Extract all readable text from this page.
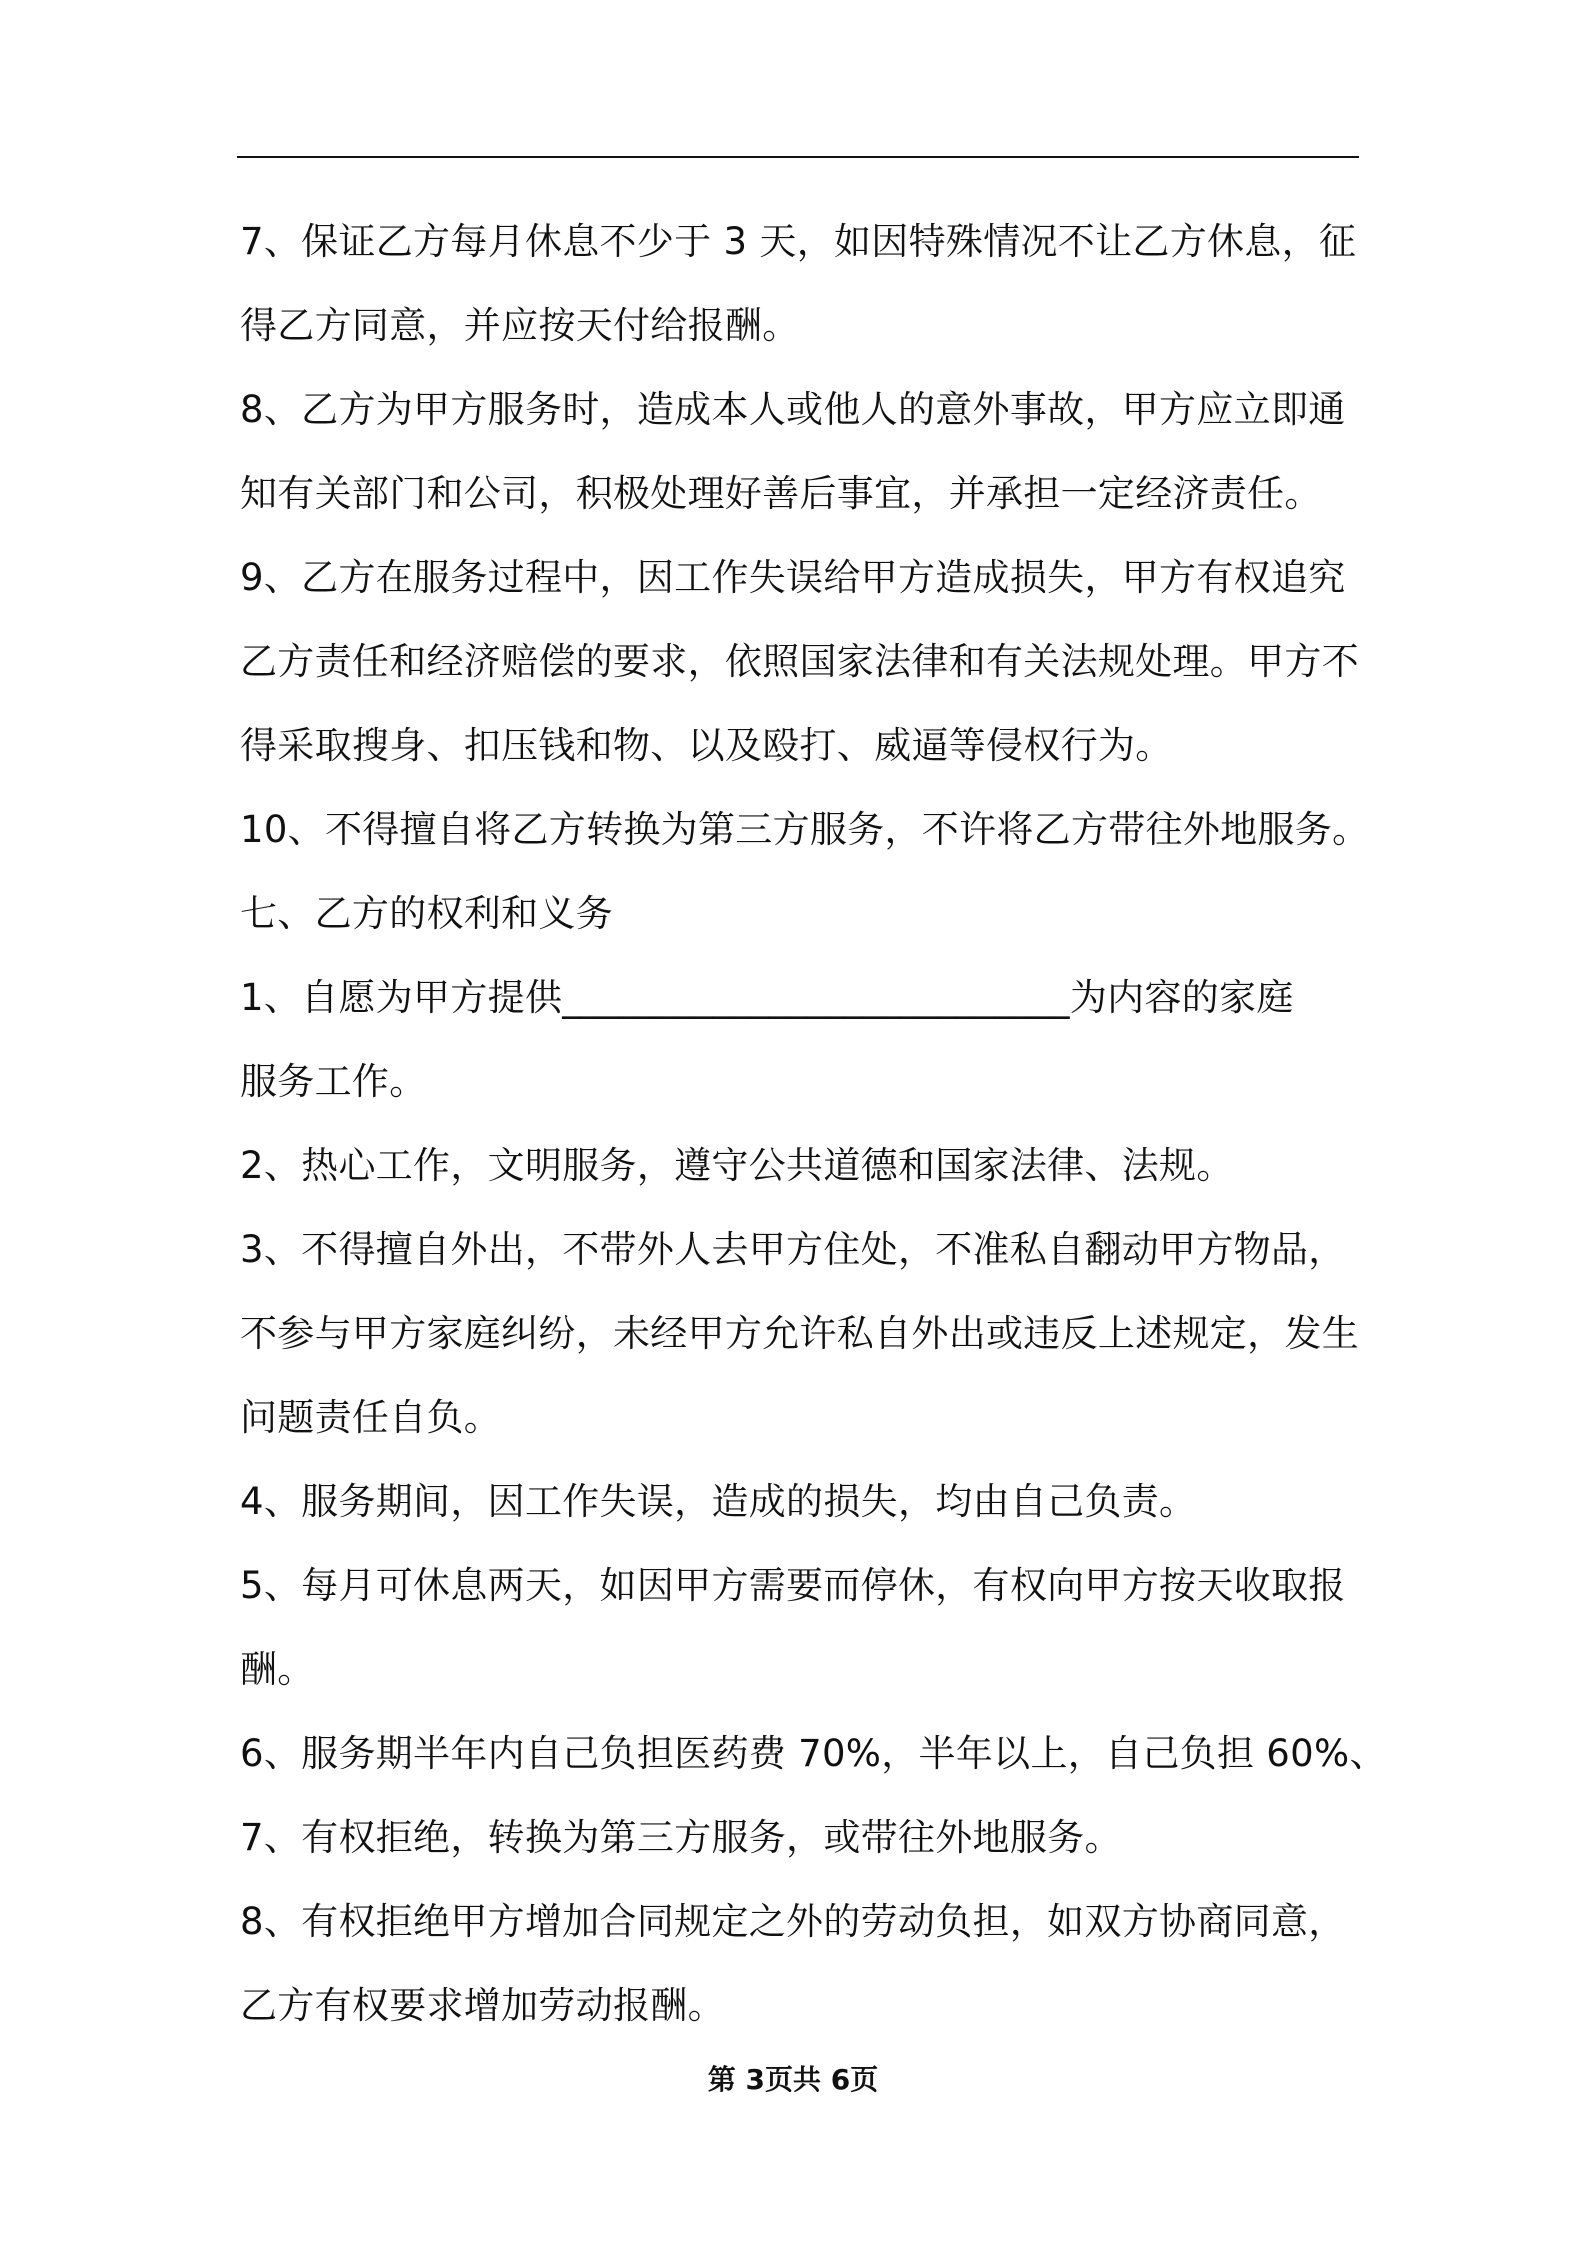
7、保证乙方每月休息不少于 3 天，如因特殊情况不让乙方休息，征
得乙方同意，并应按天付给报酬。
8、乙方为甲方服务时，造成本人或他人的意外事故，甲方应立即通
知有关部门和公司，积极处理好善后事宜，并承担一定经济责任。
9、乙方在服务过程中，因工作失误给甲方造成损失，甲方有权追究
乙方责任和经济赔偿的要求，依照国家法律和有关法规处理。甲方不
得采取搜身、扣压钱和物、以及殴打、威逼等侵权行为。
10、不得擅自将乙方转换为第三方服务，不许将乙方带往外地服务。
七、乙方的权利和义务
1、自愿为甲方提供___________________________为内容的家庭
服务工作。
2、热心工作，文明服务，遵守公共道德和国家法律、法规。
3、不得擅自外出，不带外人去甲方住处，不准私自翻动甲方物品，
不参与甲方家庭纠纷，未经甲方允许私自外出或违反上述规定，发生
问题责任自负。
4、服务期间，因工作失误，造成的损失，均由自己负责。
5、每月可休息两天，如因甲方需要而停休，有权向甲方按天收取报
酬。
6、服务期半年内自己负担医药费 70%，半年以上，自己负担 60%、
7、有权拒绝，转换为第三方服务，或带往外地服务。
8、有权拒绝甲方增加合同规定之外的劳动负担，如双方协商同意，
乙方有权要求增加劳动报酬。
第 3页共 6页
